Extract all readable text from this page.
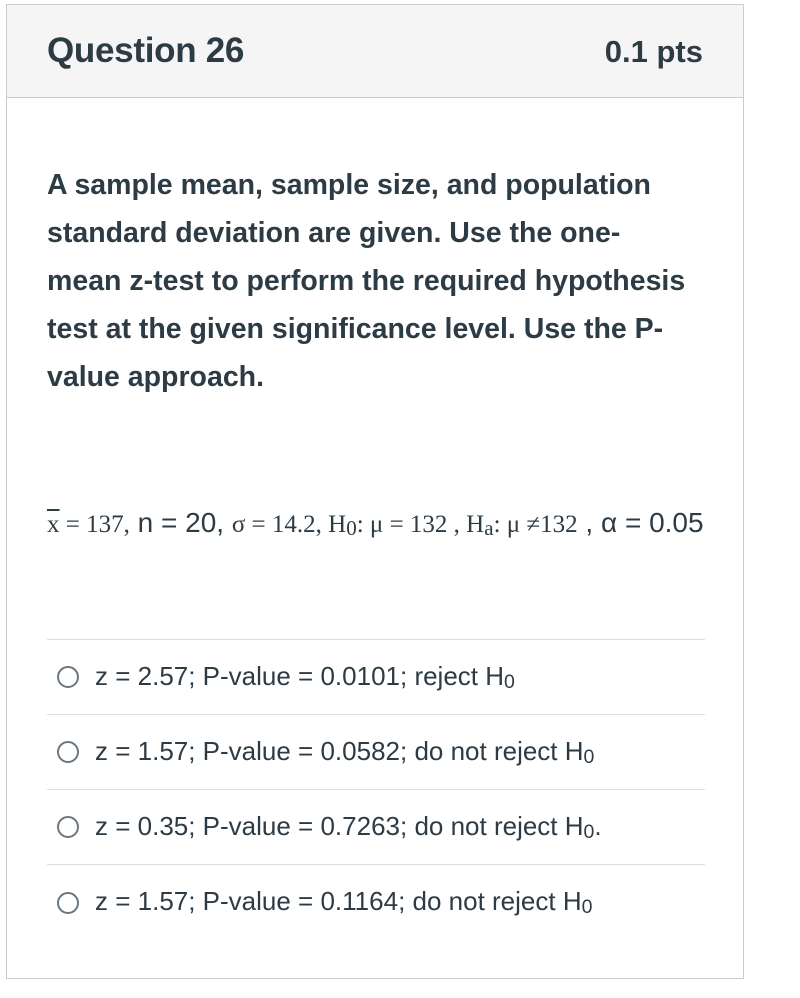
Question 26	0.1 pts
A sample mean, sample size, and population standard deviation are given. Use the one-mean z-test to perform the required hypothesis test at the given significance level. Use the P-value approach.
$\overline{x} = 137$, n = 20, σ = 14.2, H0: μ = 132 , Ha: μ ≠132 , α = 0.05
z = 2.57; P-value = 0.0101; reject H0
z = 1.57; P-value = 0.0582; do not reject H0
z = 0.35; P-value = 0.7263; do not reject H0.
z = 1.57; P-value = 0.1164; do not reject H0
